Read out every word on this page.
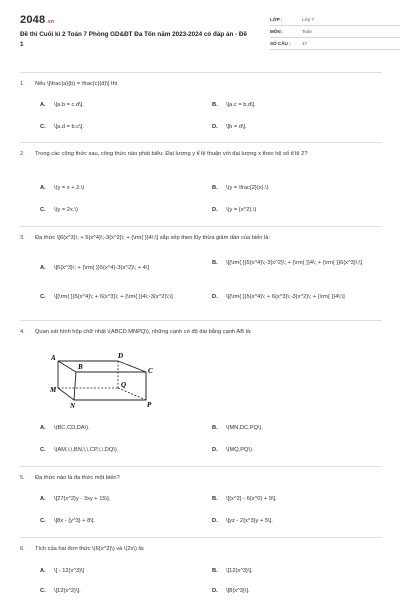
2048.vn
Đề thi Cuối kì 2 Toán 7 Phòng GD&ĐT Đa Tốn năm 2023-2024 có đáp án - Đề 1
LỚP :	Lớp 7
MÔN :	Toán
SỐ CÂU :	17
1. Nếu \[\frac{a}{b} = \frac{c}{d}\] thì
A.	\[a.b = c.d\].	B.	\[a.c = b.d\].
C.	\[a.d = b.c\].	D.	\[b = d\].
2.	Trong các công thức sau, công thức nào phát biểu: Đại lượng y tỉ lệ thuận với đại lượng x theo hệ số tỉ lệ 2?
A.	\(y = x + 2.\)	B.	\(y = \frac{2}{x}.\)
C.	\(y = 2x.\)	D.	\(y = {x^2}.\)
3.	Đa thức \[6{x^3}\; + 5{x^4}\;-3{x^2}\; + {\rm{ }}4\;\] sắp xếp theo lũy thừa giảm dần của biến là:
A.	\[6{x^3}\; + {\rm{ }}5{x^4}-3{x^2}\; + 4\]
B.	\[{\rm{ }}5{x^4}\;-3{x^2}\; + {\rm{ }}4\; + {\rm{ }}6{x^3}\;\]
C.	\[{\rm{ }}5{x^4}\; + 6{x^3}\; + {\rm{ }}4\;-3{x^2}\;\]	D.	\[{\rm{ }}5{x^4}\; + 6{x^3}\;-3{x^2}\; + {\rm{ }}4\;\]
4. Quan sát hình hộp chữ nhật \(ABCD.MNPQ\), những cạnh có độ dài bằng cạnh AB là:
A
B	C
D
M
N	P
Q
A.	\(BC,CD,DA\).	B.	\(MN,DC,PQ\).
C.	\(AM,\,\,BN,\,\,CP,\,\,DQ\).	D.	\(MQ,PQ\).
5. Đa thức nào là đa thức một biến?
A.	\[27{x^2}y - 3xy + 15\].	B.	\[{x^2} - 6{x^0} + 9\].
C.	\[8x - {y^3} + 8\].	D.	\[yz - 2{x^3}y + 5\].
6. Tích của hai đơn thức \(6{x^2}\) và \(2x\) là:
A.	\[ - 12{x^3}\]	B.	\[12{x^3}\].
C.	\[12{x^2}\].	D.	\[8{x^3}\].
